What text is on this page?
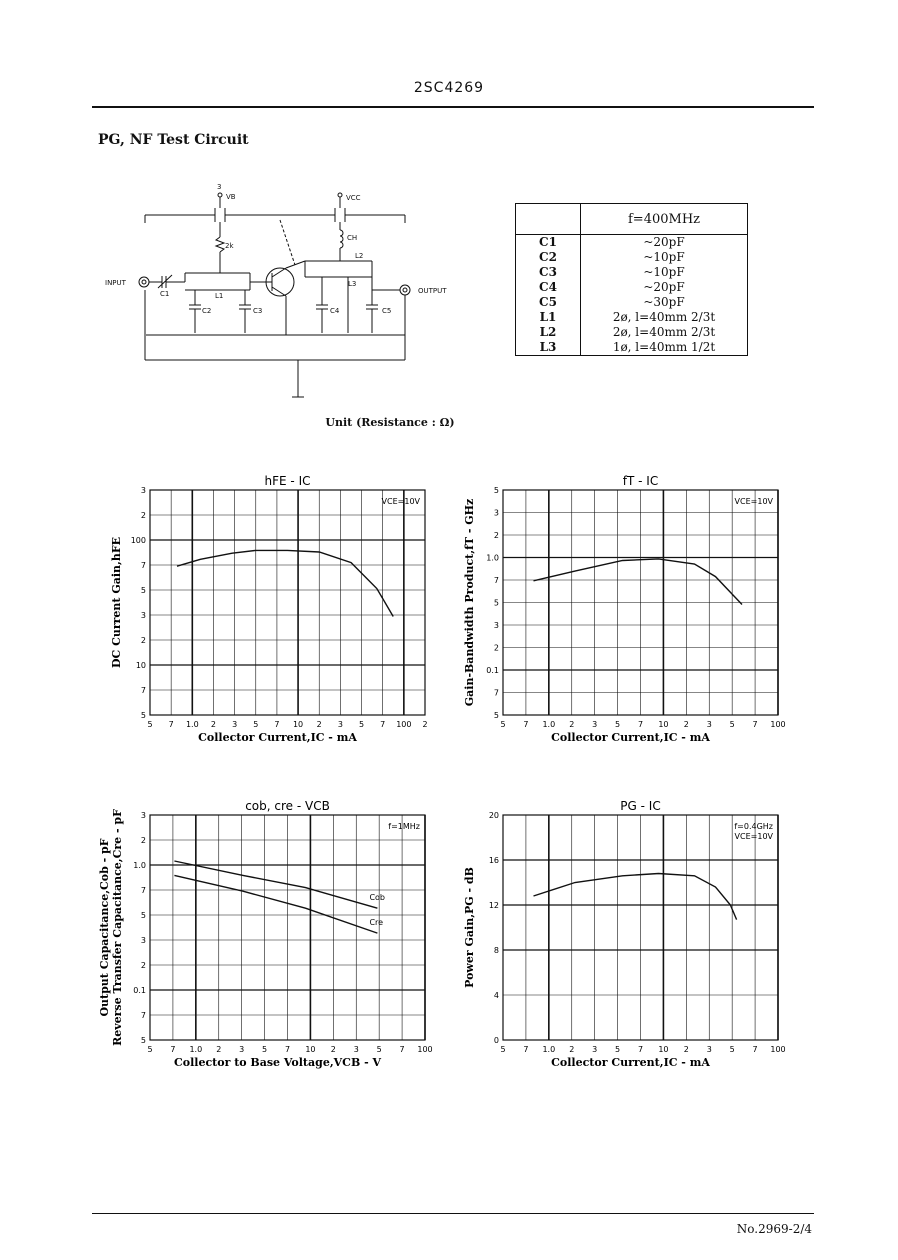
2SC4269
PG, NF Test Circuit
INPUT
OUTPUT
3
VB	VCC
2k
CH
C1
C2	C3	C4	C5
L1
L2
L3
	f=400MHz
C1	~20pF
C2	~10pF
C3	~10pF
C4	~20pF
C5	~30pF
L1	2ø, l=40mm 2/3t
L2	2ø, l=40mm 2/3t
L3	1ø, l=40mm 1/2t
Unit (Resistance : Ω)
5 7 1.0 2 3 5 7 10 2 3 5 7 100 2
3
2
100
7
5
3
2
10
7
5
hFE - IC
VCE=10V
Collector Current,IC - mA
DC Current Gain,hFE
5 7 1.0 2 3 5 7 10 2 3 5 7 100
5
3
2
1.0
7
5
3
2
0.1
7
5
fT - IC
VCE=10V
Collector Current,IC - mA
Gain-Bandwidth Product,fT - GHz
5 7 1.0 2 3 5 7 10 2 3 5 7 100
3
2
1.0
7
5
3
2
0.1
7
5
cob, cre - VCB
f=1MHz
Collector to Base Voltage,VCB - V
Output Capacitance,Cob - pF Reverse Transfer Capacitance,Cre - pF	Cob
Cre
5 7 1.0 2 3 5 7 10 2 3 5 7 100
20
16
12
8
4
0
PG - IC
f=0.4GHz
VCE=10V
Collector Current,IC - mA
Power Gain,PG - dB
No.2969-2/4
